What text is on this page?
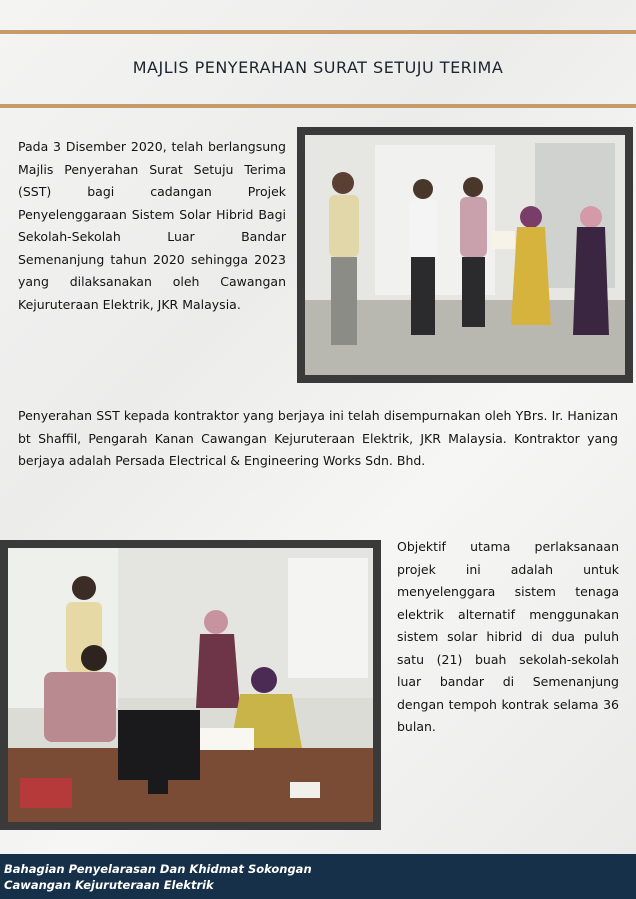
MAJLIS PENYERAHAN SURAT SETUJU TERIMA
Pada 3 Disember 2020, telah berlangsung Majlis Penyerahan Surat Setuju Terima (SST) bagi cadangan Projek Penyelenggaraan Sistem Solar Hibrid Bagi Sekolah-Sekolah Luar Bandar Semenanjung tahun 2020 sehingga 2023 yang dilaksanakan oleh Cawangan Kejuruteraan Elektrik, JKR Malaysia.
Penyerahan SST kepada kontraktor yang berjaya ini telah disempurnakan oleh YBrs. Ir. Hanizan bt Shaffil, Pengarah Kanan Cawangan Kejuruteraan Elektrik, JKR Malaysia. Kontraktor yang berjaya adalah Persada Electrical & Engineering Works Sdn. Bhd.
Objektif utama perlaksanaan projek ini adalah untuk menyelenggara sistem tenaga elektrik alternatif menggunakan sistem solar hibrid di dua puluh satu (21) buah sekolah-sekolah luar bandar di Semenanjung dengan tempoh kontrak selama 36 bulan.
Bahagian Penyelarasan Dan Khidmat Sokongan
Cawangan Kejuruteraan Elektrik
